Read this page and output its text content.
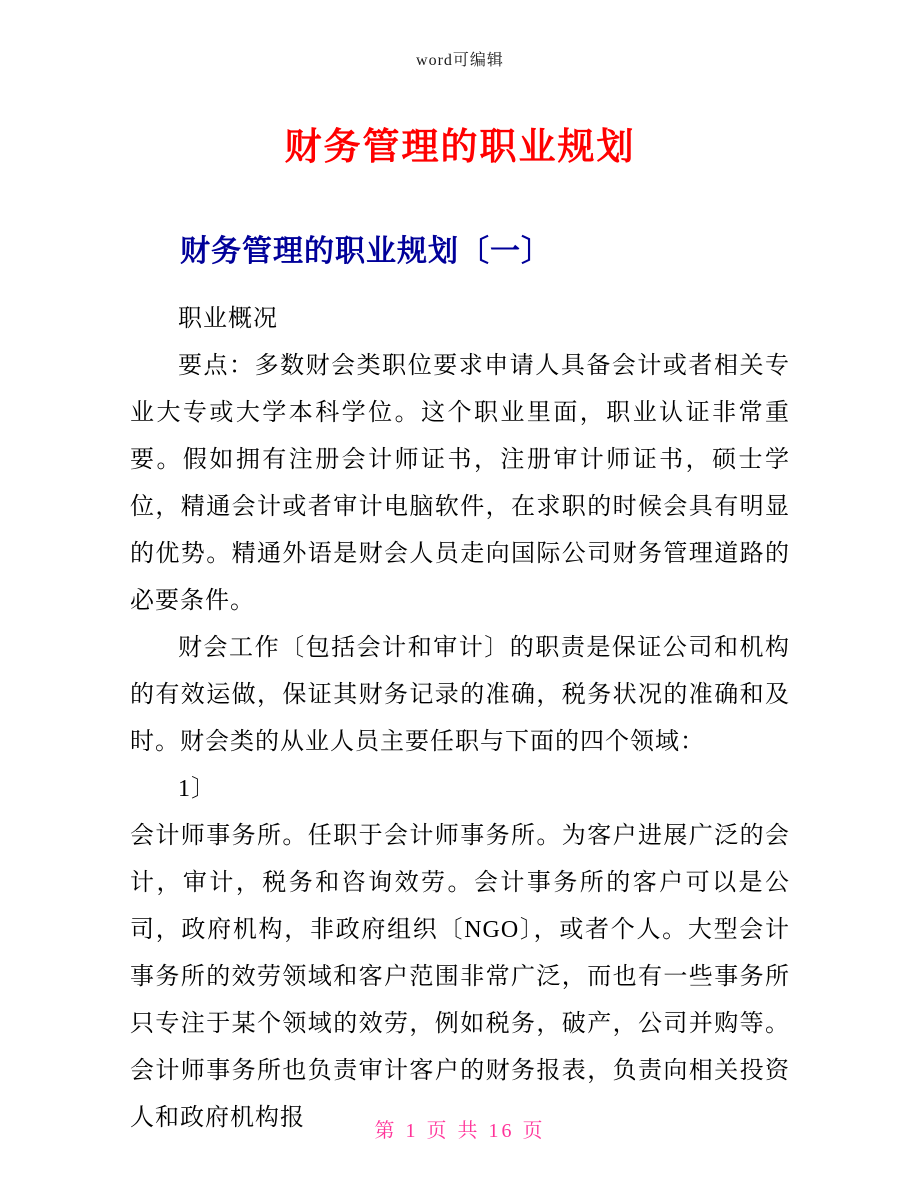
word可编辑
财务管理的职业规划
财务管理的职业规划〔一〕

职业概况

要点：多数财会类职位要求申请人具备会计或者相关专业大专或大学本科学位。这个职业里面，职业认证非常重要。假如拥有注册会计师证书，注册审计师证书，硕士学位，精通会计或者审计电脑软件，在求职的时候会具有明显的优势。精通外语是财会人员走向国际公司财务管理道路的必要条件。

财会工作〔包括会计和审计〕的职责是保证公司和机构的有效运做，保证其财务记录的准确，税务状况的准确和及时。财会类的从业人员主要任职与下面的四个领域：

1〕

会计师事务所。任职于会计师事务所。为客户进展广泛的会计，审计，税务和咨询效劳。会计事务所的客户可以是公司，政府机构，非政府组织〔NGO〕，或者个人。大型会计事务所的效劳领域和客户范围非常广泛，而也有一些事务所只专注于某个领域的效劳，例如税务，破产，公司并购等。会计师事务所也负责审计客户的财务报表，负责向相关投资人和政府机构报	第 1 页 共 16 页
